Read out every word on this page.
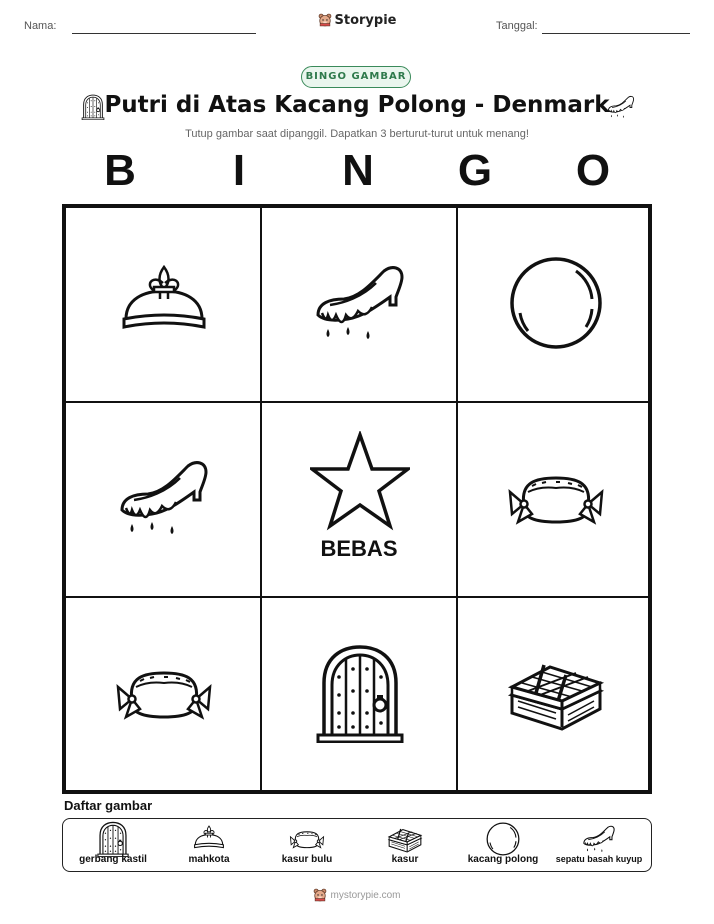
Nama:	Storypie	Tanggal:
BINGO GAMBAR
Putri di Atas Kacang Polong - Denmark
Tutup gambar saat dipanggil. Dapatkan 3 berturut-turut untuk menang!
B	I	N	G	O
BEBAS
Daftar gambar
gerbang kastil	mahkota	kasur bulu	kasur	kacang polong	sepatu basah kuyup
mystorypie.com
